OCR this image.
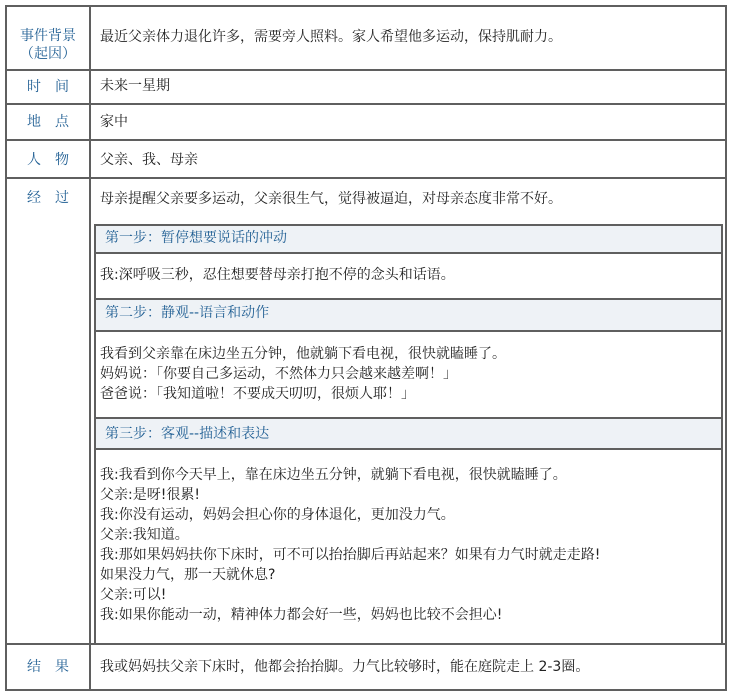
事件背景
（起因）
时　间
地　点
人　物
经　过
结　果
最近父亲体力退化许多，需要旁人照料。家人希望他多运动，保持肌耐力。
未来一星期
家中
父亲、我、母亲
母亲提醒父亲要多运动，父亲很生气，觉得被逼迫，对母亲态度非常不好。
第一步：暂停想要说话的冲动
我:深呼吸三秒，忍住想要替母亲打抱不停的念头和话语。
第二步：静观--语言和动作
我看到父亲靠在床边坐五分钟，他就躺下看电视，很快就瞌睡了。
妈妈说：「你要自己多运动，不然体力只会越来越差啊！」
爸爸说：「我知道啦！不要成天叨叨，很烦人耶！」
第三步：客观--描述和表达
我:我看到你今天早上，靠在床边坐五分钟，就躺下看电视，很快就瞌睡了。
父亲:是呀!很累!
我:你没有运动，妈妈会担心你的身体退化，更加没力气。
父亲:我知道。
我:那如果妈妈扶你下床时，可不可以抬抬脚后再站起来？如果有力气时就走走路!
如果没力气，那一天就休息?
父亲:可以!
我:如果你能动一动，精神体力都会好一些，妈妈也比较不会担心!
我或妈妈扶父亲下床时，他都会抬抬脚。力气比较够时，能在庭院走上 2-3圈。
